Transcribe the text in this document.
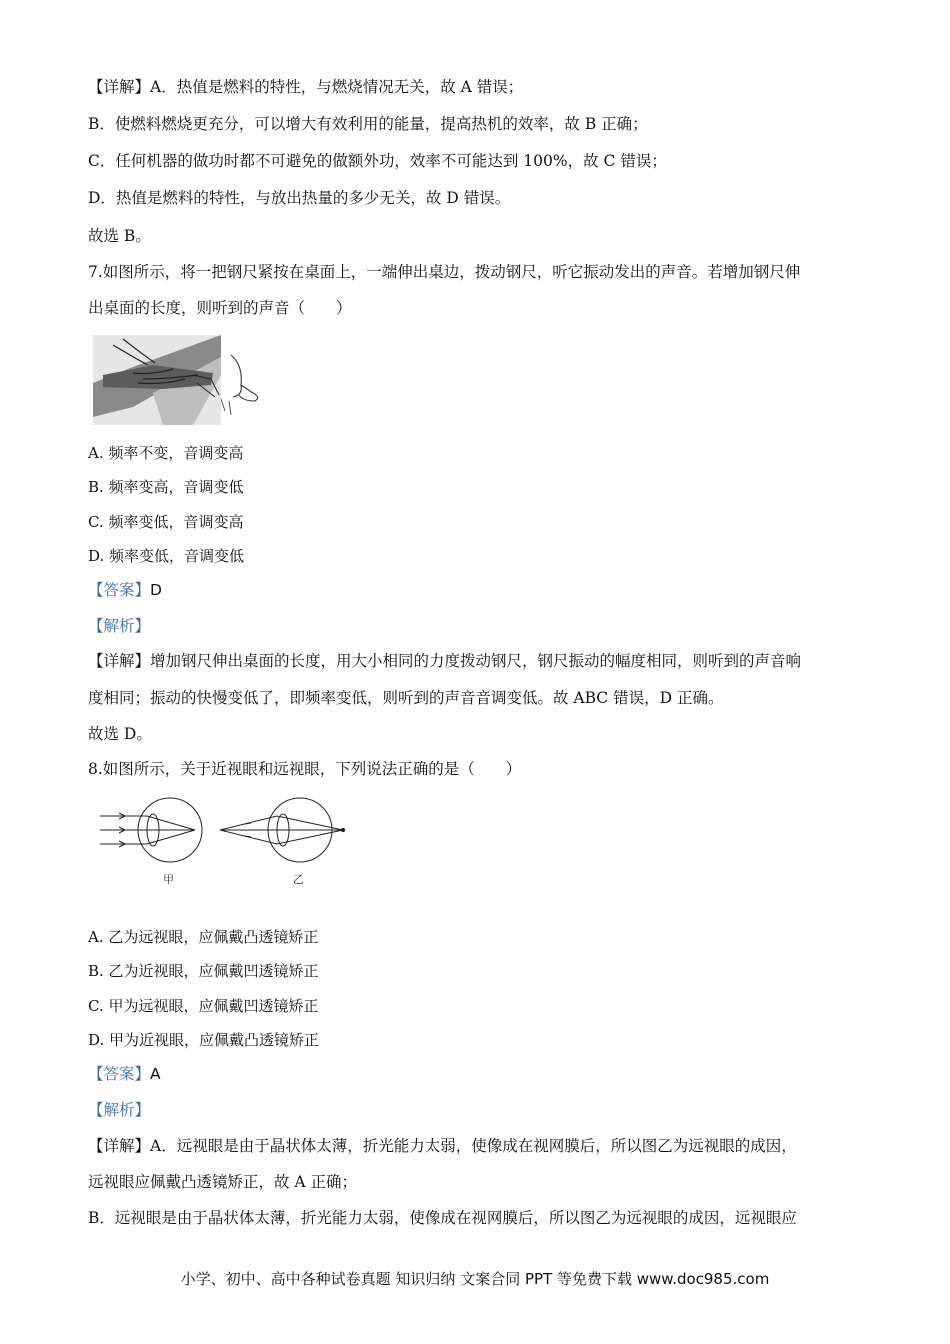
【详解】A．热值是燃料的特性，与燃烧情况无关，故 A 错误；
B．使燃料燃烧更充分，可以增大有效利用的能量，提高热机的效率，故 B 正确；
C．任何机器的做功时都不可避免的做额外功，效率不可能达到 100%，故 C 错误；
D．热值是燃料的特性，与放出热量的多少无关，故 D 错误。
故选 B。
7.如图所示，将一把钢尺紧按在桌面上，一端伸出桌边，拨动钢尺，听它振动发出的声音。若增加钢尺伸
出桌面的长度，则听到的声音（　　）
A. 频率不变，音调变高
B. 频率变高，音调变低
C. 频率变低，音调变高
D. 频率变低，音调变低
【答案】D
【解析】
【详解】增加钢尺伸出桌面的长度，用大小相同的力度拨动钢尺，钢尺振动的幅度相同，则听到的声音响
度相同；振动的快慢变低了，即频率变低，则听到的声音音调变低。故 ABC 错误，D 正确。
故选 D。
8.如图所示，关于近视眼和远视眼，下列说法正确的是（　　）
甲	乙
A. 乙为远视眼，应佩戴凸透镜矫正
B. 乙为近视眼，应佩戴凹透镜矫正
C. 甲为远视眼，应佩戴凹透镜矫正
D. 甲为近视眼，应佩戴凸透镜矫正
【答案】A
【解析】
【详解】A．远视眼是由于晶状体太薄，折光能力太弱，使像成在视网膜后，所以图乙为远视眼的成因，
远视眼应佩戴凸透镜矫正，故 A 正确；
B．远视眼是由于晶状体太薄，折光能力太弱，使像成在视网膜后，所以图乙为远视眼的成因，远视眼应
小学、初中、高中各种试卷真题 知识归纳 文案合同 PPT 等免费下载 www.doc985.com
